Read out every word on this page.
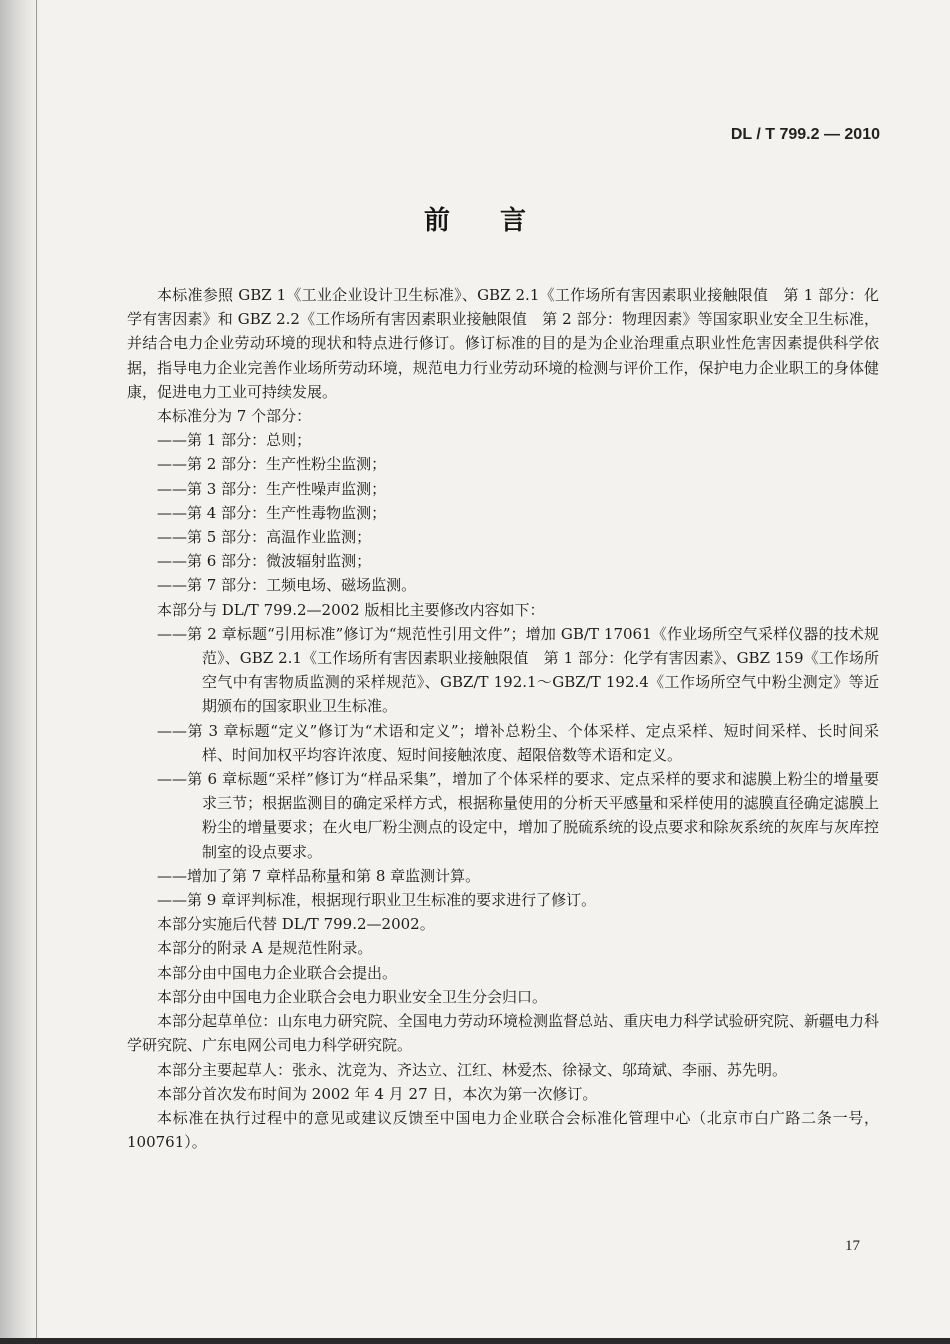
DL / T 799.2 — 2010
前言

本标准参照 GBZ 1《工业企业设计卫生标准》、GBZ 2.1《工作场所有害因素职业接触限值　第 1 部分：化学有害因素》和 GBZ 2.2《工作场所有害因素职业接触限值　第 2 部分：物理因素》等国家职业安全卫生标准，并结合电力企业劳动环境的现状和特点进行修订。修订标准的目的是为企业治理重点职业性危害因素提供科学依据，指导电力企业完善作业场所劳动环境，规范电力行业劳动环境的检测与评价工作，保护电力企业职工的身体健康，促进电力工业可持续发展。

本标准分为 7 个部分：

——第 1 部分：总则；

——第 2 部分：生产性粉尘监测；

——第 3 部分：生产性噪声监测；

——第 4 部分：生产性毒物监测；

——第 5 部分：高温作业监测；

——第 6 部分：微波辐射监测；

——第 7 部分：工频电场、磁场监测。

本部分与 DL/T 799.2—2002 版相比主要修改内容如下：

——第 2 章标题“引用标准”修订为“规范性引用文件”；增加 GB/T 17061《作业场所空气采样仪器的技术规范》、GBZ 2.1《工作场所有害因素职业接触限值　第 1 部分：化学有害因素》、GBZ 159《工作场所空气中有害物质监测的采样规范》、GBZ/T 192.1～GBZ/T 192.4《工作场所空气中粉尘测定》等近期颁布的国家职业卫生标准。

——第 3 章标题“定义”修订为“术语和定义”；增补总粉尘、个体采样、定点采样、短时间采样、长时间采样、时间加权平均容许浓度、短时间接触浓度、超限倍数等术语和定义。

——第 6 章标题“采样”修订为“样品采集”，增加了个体采样的要求、定点采样的要求和滤膜上粉尘的增量要求三节；根据监测目的确定采样方式，根据称量使用的分析天平感量和采样使用的滤膜直径确定滤膜上粉尘的增量要求；在火电厂粉尘测点的设定中，增加了脱硫系统的设点要求和除灰系统的灰库与灰库控制室的设点要求。

——增加了第 7 章样品称量和第 8 章监测计算。

——第 9 章评判标准，根据现行职业卫生标准的要求进行了修订。

本部分实施后代替 DL/T 799.2—2002。

本部分的附录 A 是规范性附录。

本部分由中国电力企业联合会提出。

本部分由中国电力企业联合会电力职业安全卫生分会归口。

本部分起草单位：山东电力研究院、全国电力劳动环境检测监督总站、重庆电力科学试验研究院、新疆电力科学研究院、广东电网公司电力科学研究院。

本部分主要起草人：张永、沈竞为、齐达立、江红、林爱杰、徐禄文、邬琦斌、李丽、苏先明。

本部分首次发布时间为 2002 年 4 月 27 日，本次为第一次修订。

本标准在执行过程中的意见或建议反馈至中国电力企业联合会标准化管理中心（北京市白广路二条一号，100761）。

17
